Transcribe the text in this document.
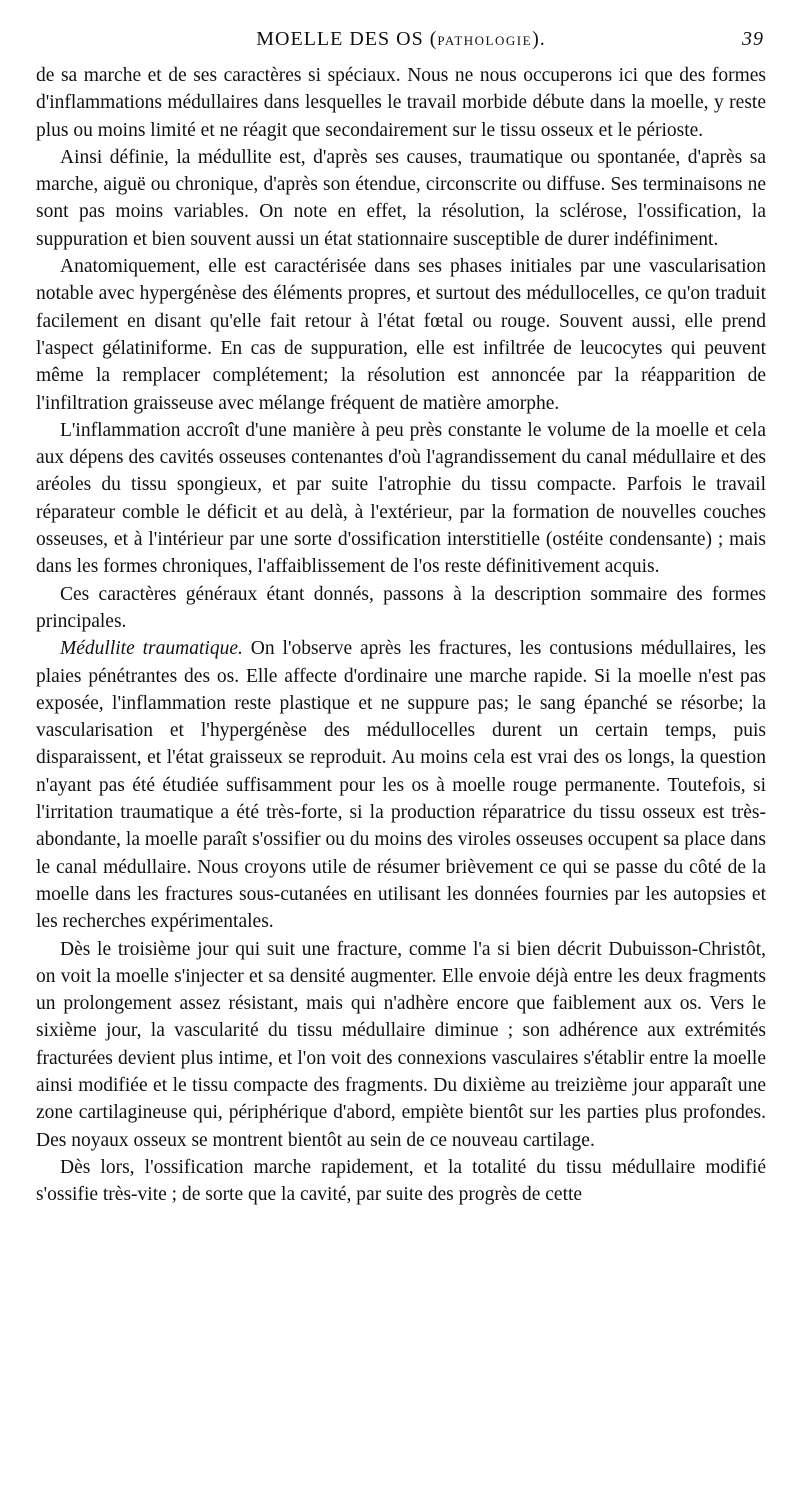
MOELLE DES OS (PATHOLOGIE).	39

de sa marche et de ses caractères si spéciaux. Nous ne nous occuperons ici que des formes d'inflammations médullaires dans lesquelles le travail morbide débute dans la moelle, y reste plus ou moins limité et ne réagit que secondairement sur le tissu osseux et le périoste.

Ainsi définie, la médullite est, d'après ses causes, traumatique ou spontanée, d'après sa marche, aiguë ou chronique, d'après son étendue, circonscrite ou diffuse. Ses terminaisons ne sont pas moins variables. On note en effet, la résolution, la sclérose, l'ossification, la suppuration et bien souvent aussi un état stationnaire susceptible de durer indéfiniment.

Anatomiquement, elle est caractérisée dans ses phases initiales par une vascularisation notable avec hypergénèse des éléments propres, et surtout des médullocelles, ce qu'on traduit facilement en disant qu'elle fait retour à l'état fœtal ou rouge. Souvent aussi, elle prend l'aspect gélatiniforme. En cas de suppuration, elle est infiltrée de leucocytes qui peuvent même la remplacer complétement; la résolution est annoncée par la réapparition de l'infiltration graisseuse avec mélange fréquent de matière amorphe.

L'inflammation accroît d'une manière à peu près constante le volume de la moelle et cela aux dépens des cavités osseuses contenantes d'où l'agrandissement du canal médullaire et des aréoles du tissu spongieux, et par suite l'atrophie du tissu compacte. Parfois le travail réparateur comble le déficit et au delà, à l'extérieur, par la formation de nouvelles couches osseuses, et à l'intérieur par une sorte d'ossification interstitielle (ostéite condensante) ; mais dans les formes chroniques, l'affaiblissement de l'os reste définitivement acquis.

Ces caractères généraux étant donnés, passons à la description sommaire des formes principales.

Médullite traumatique. On l'observe après les fractures, les contusions médullaires, les plaies pénétrantes des os. Elle affecte d'ordinaire une marche rapide. Si la moelle n'est pas exposée, l'inflammation reste plastique et ne suppure pas; le sang épanché se résorbe; la vascularisation et l'hypergénèse des médullocelles durent un certain temps, puis disparaissent, et l'état graisseux se reproduit. Au moins cela est vrai des os longs, la question n'ayant pas été étudiée suffisamment pour les os à moelle rouge permanente. Toutefois, si l'irritation traumatique a été très-forte, si la production réparatrice du tissu osseux est très-abondante, la moelle paraît s'ossifier ou du moins des viroles osseuses occupent sa place dans le canal médullaire. Nous croyons utile de résumer brièvement ce qui se passe du côté de la moelle dans les fractures sous-cutanées en utilisant les données fournies par les autopsies et les recherches expérimentales.

Dès le troisième jour qui suit une fracture, comme l'a si bien décrit Dubuisson-Christôt, on voit la moelle s'injecter et sa densité augmenter. Elle envoie déjà entre les deux fragments un prolongement assez résistant, mais qui n'adhère encore que faiblement aux os. Vers le sixième jour, la vascularité du tissu médullaire diminue ; son adhérence aux extrémités fracturées devient plus intime, et l'on voit des connexions vasculaires s'établir entre la moelle ainsi modifiée et le tissu compacte des fragments. Du dixième au treizième jour apparaît une zone cartilagineuse qui, périphérique d'abord, empiète bientôt sur les parties plus profondes. Des noyaux osseux se montrent bientôt au sein de ce nouveau cartilage.

Dès lors, l'ossification marche rapidement, et la totalité du tissu médullaire modifié s'ossifie très-vite ; de sorte que la cavité, par suite des progrès de cette
